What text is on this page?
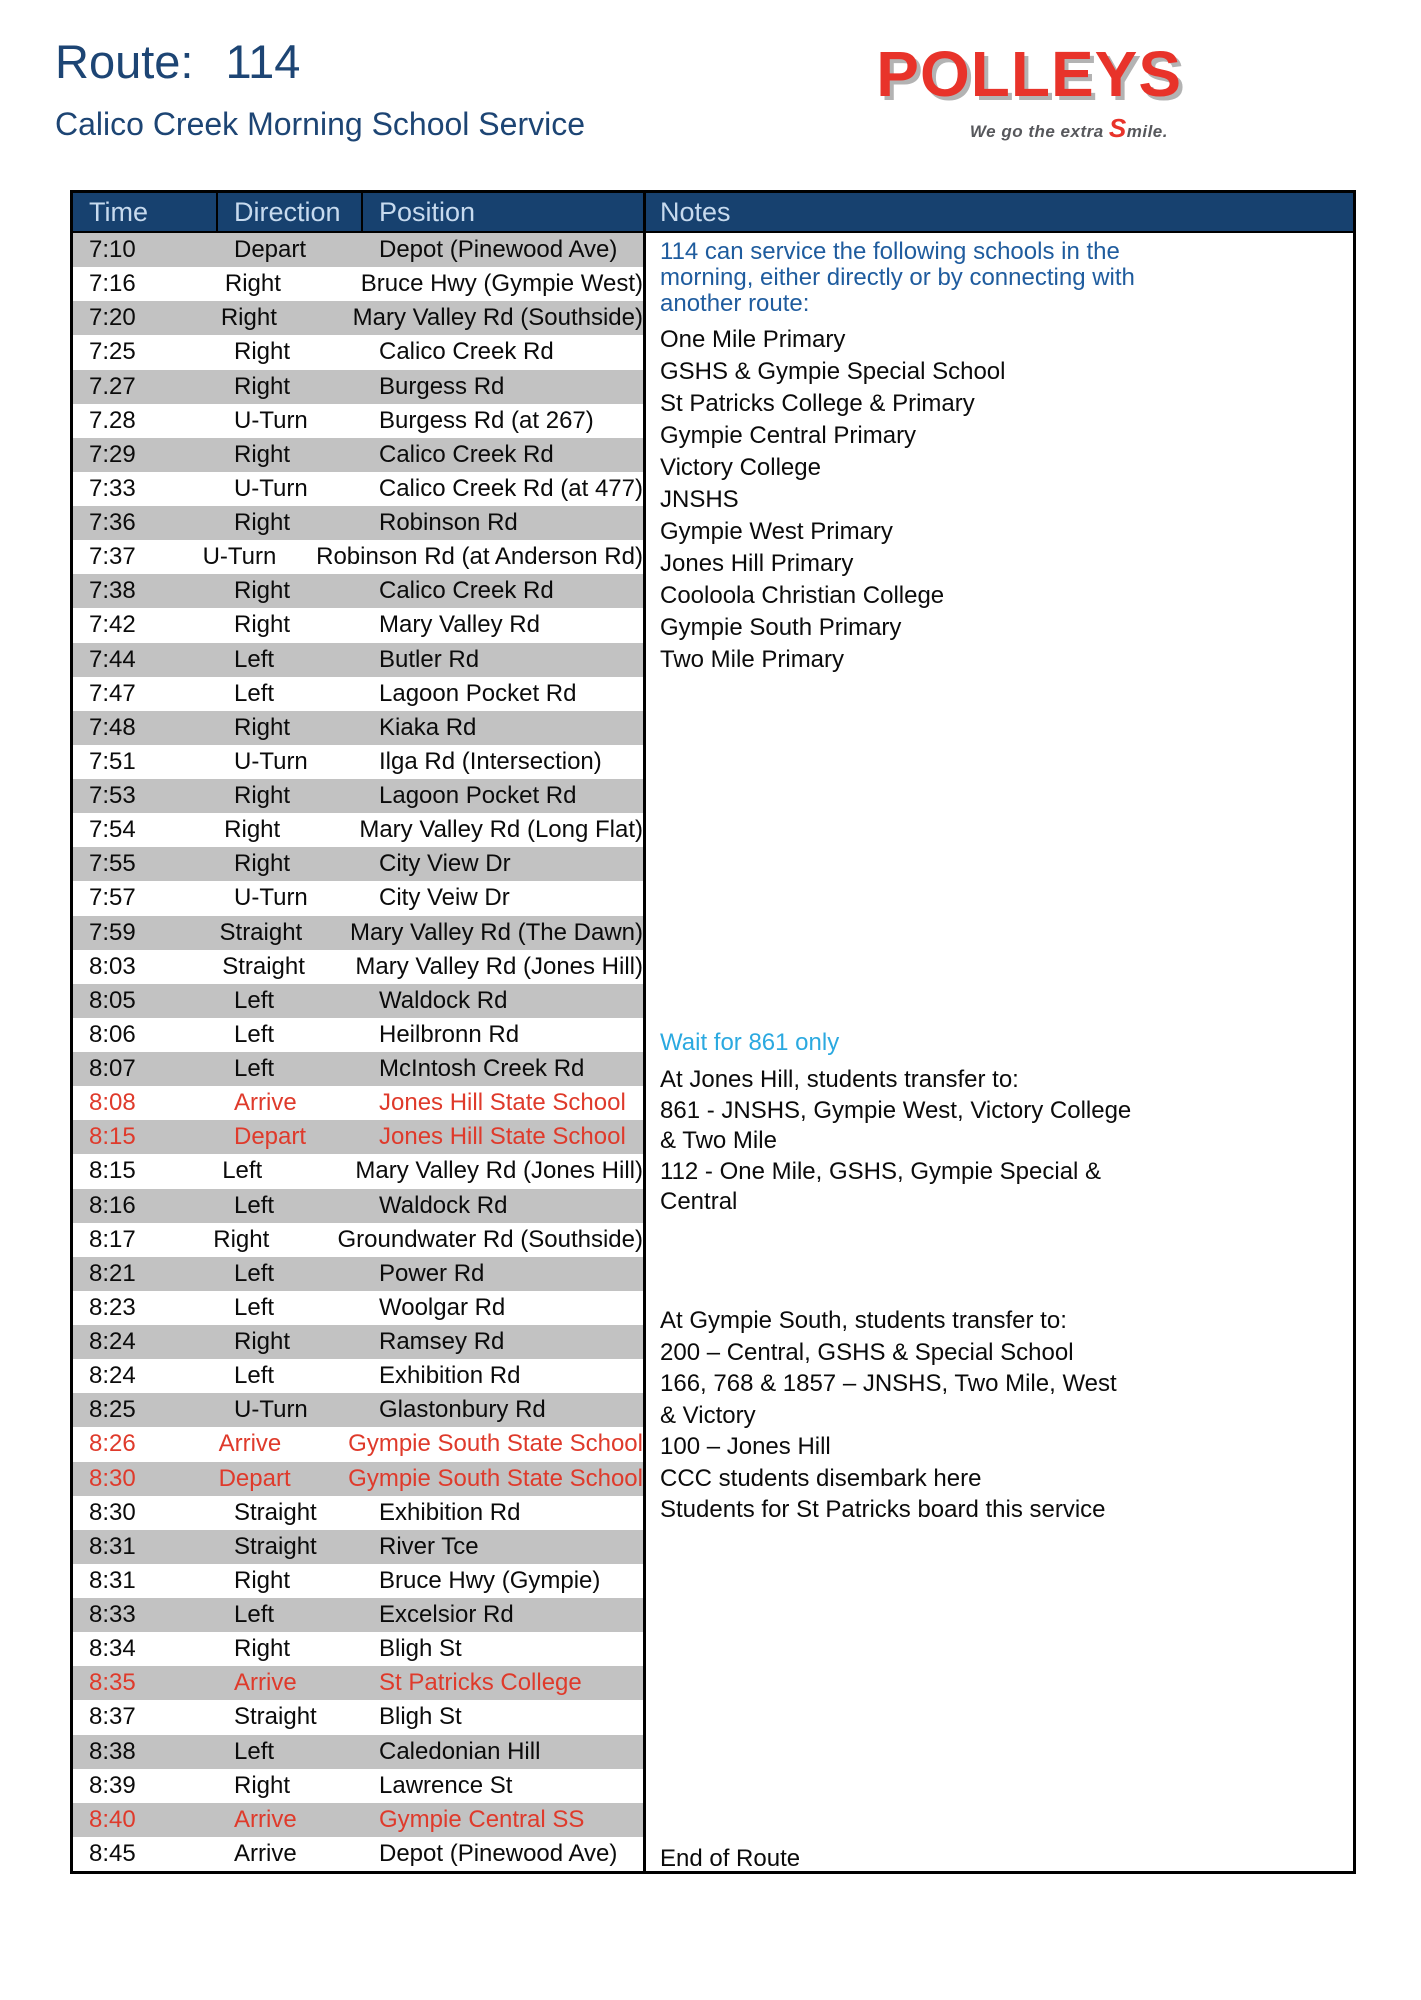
Route: 114
Calico Creek Morning School Service
POLLEYS
We go the extra Smile.
Time	Direction	Position
7:10	Depart	Depot (Pinewood Ave)
7:16	Right	Bruce Hwy (Gympie West)
7:20	Right	Mary Valley Rd (Southside)
7:25	Right	Calico Creek Rd
7.27	Right	Burgess Rd
7.28	U-Turn	Burgess Rd (at 267)
7:29	Right	Calico Creek Rd
7:33	U-Turn	Calico Creek Rd (at 477)
7:36	Right	Robinson Rd
7:37	U-Turn	Robinson Rd (at Anderson Rd)
7:38	Right	Calico Creek Rd
7:42	Right	Mary Valley Rd
7:44	Left	Butler Rd
7:47	Left	Lagoon Pocket Rd
7:48	Right	Kiaka Rd
7:51	U-Turn	Ilga Rd (Intersection)
7:53	Right	Lagoon Pocket Rd
7:54	Right	Mary Valley Rd (Long Flat)
7:55	Right	City View Dr
7:57	U-Turn	City Veiw Dr
7:59	Straight	Mary Valley Rd (The Dawn)
8:03	Straight	Mary Valley Rd (Jones Hill)
8:05	Left	Waldock Rd
8:06	Left	Heilbronn Rd
8:07	Left	McIntosh Creek Rd
8:08	Arrive	Jones Hill State School
8:15	Depart	Jones Hill State School
8:15	Left	Mary Valley Rd (Jones Hill)
8:16	Left	Waldock Rd
8:17	Right	Groundwater Rd (Southside)
8:21	Left	Power Rd
8:23	Left	Woolgar Rd
8:24	Right	Ramsey Rd
8:24	Left	Exhibition Rd
8:25	U-Turn	Glastonbury Rd
8:26	Arrive	Gympie South State School
8:30	Depart	Gympie South State School
8:30	Straight	Exhibition Rd
8:31	Straight	River Tce
8:31	Right	Bruce Hwy (Gympie)
8:33	Left	Excelsior Rd
8:34	Right	Bligh St
8:35	Arrive	St Patricks College
8:37	Straight	Bligh St
8:38	Left	Caledonian Hill
8:39	Right	Lawrence St
8:40	Arrive	Gympie Central SS
8:45	Arrive	Depot (Pinewood Ave)
Notes
114 can service the following schools in the
morning, either directly or by connecting with
another route:
One Mile Primary
GSHS & Gympie Special School
St Patricks College & Primary
Gympie Central Primary
Victory College
JNSHS
Gympie West Primary
Jones Hill Primary
Cooloola Christian College
Gympie South Primary
Two Mile Primary
Wait for 861 only
At Jones Hill, students transfer to:
861 - JNSHS, Gympie West, Victory College
& Two Mile
112 - One Mile, GSHS, Gympie Special &
Central
At Gympie South, students transfer to:
200 – Central, GSHS & Special School
166, 768 & 1857 – JNSHS, Two Mile, West
& Victory
100 – Jones Hill
CCC students disembark here
Students for St Patricks board this service
End of Route
